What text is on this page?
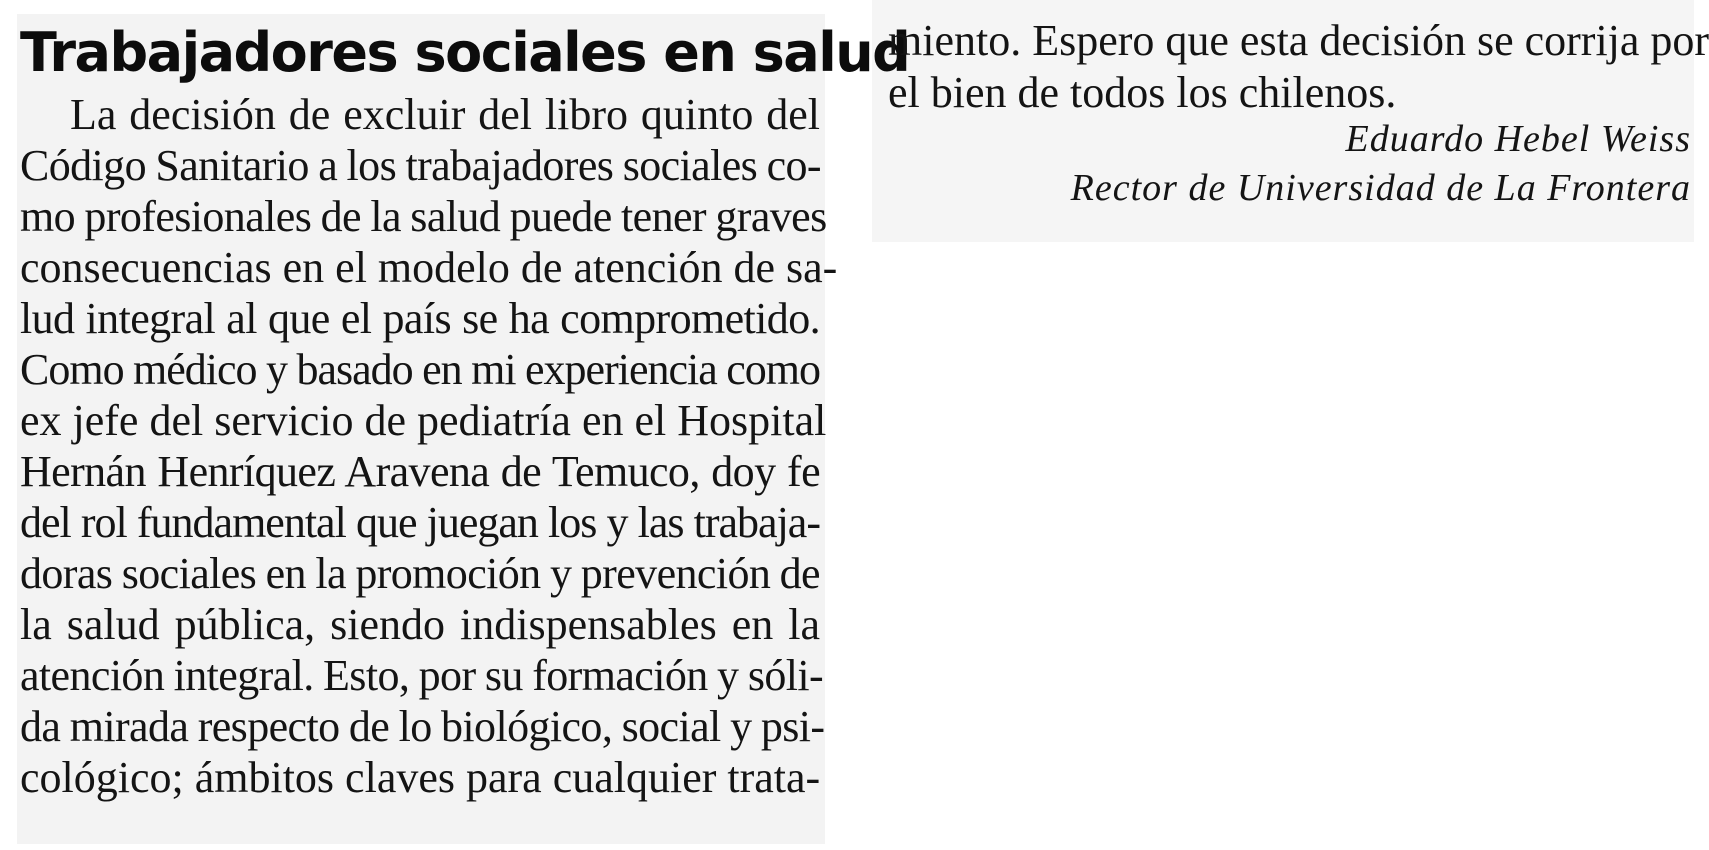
Trabajadores sociales en salud
La decisión de excluir del libro quinto del
Código Sanitario a los trabajadores sociales co-
mo profesionales de la salud puede tener graves
consecuencias en el modelo de atención de sa-
lud integral al que el país se ha comprometido.
Como médico y basado en mi experiencia como
ex jefe del servicio de pediatría en el Hospital
Hernán Henríquez Aravena de Temuco, doy fe
del rol fundamental que juegan los y las trabaja-
doras sociales en la promoción y prevención de
la salud pública, siendo indispensables en la
atención integral. Esto, por su formación y sóli-
da mirada respecto de lo biológico, social y psi-
cológico; ámbitos claves para cualquier trata-
miento. Espero que esta decisión se corrija por
el bien de todos los chilenos.
Eduardo Hebel Weiss
Rector de Universidad de La Frontera
